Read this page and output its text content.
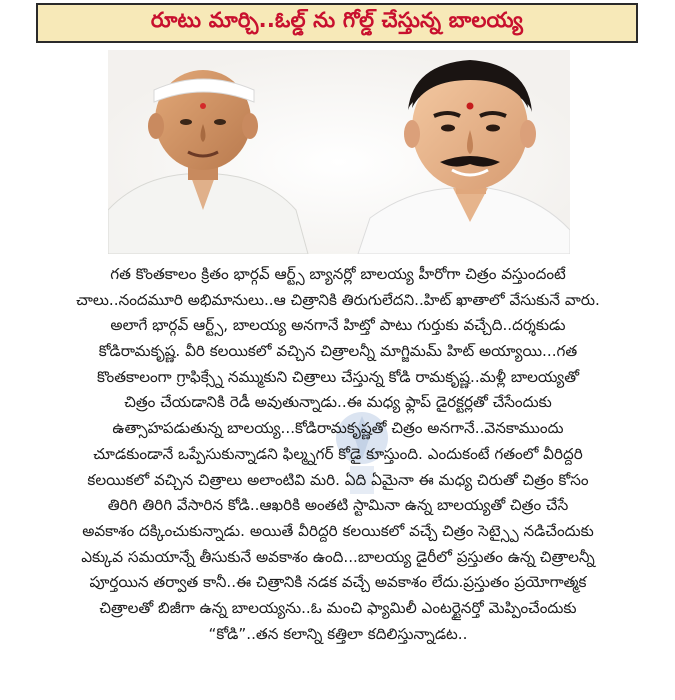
రూటు మార్చి..ఓల్డ్ ను గోల్డ్ చేస్తున్న బాలయ్య
గత కొంతకాలం క్రితం భార్గవ్ ఆర్ట్స్ బ్యానర్లో బాలయ్య హీరోగా చిత్రం వస్తుందంటే
చాలు..నందమూరి అభిమానులు..ఆ చిత్రానికి తిరుగులేదని..హిట్ ఖాతాలో వేసుకునే వారు.
అలాగే భార్గవ్ ఆర్ట్స్, బాలయ్య అనగానే హిట్తో పాటు గుర్తుకు వచ్చేది..దర్శకుడు
కోడిరామకృష్ణ. వీరి కలయికలో వచ్చిన చిత్రాలన్నీ మాగ్జిమమ్ హిట్ అయ్యాయి...గత
కొంతకాలంగా గ్రాఫిక్స్నే నమ్ముకుని చిత్రాలు చేస్తున్న కోడి రామకృష్ణ..మళ్లీ బాలయ్యతో
చిత్రం చేయడానికి రెడీ అవుతున్నాడు..ఈ మధ్య ఫ్లాప్ డైరక్టర్లతో చేసేందుకు
ఉత్సాహపడుతున్న బాలయ్య...కోడిరామకృష్ణతో చిత్రం అనగానే..వెనకాముందు
చూడకుండానే ఒప్పేసుకున్నాడని ఫిల్మ్నగర్ కోడై కూస్తుంది. ఎందుకంటే గతంలో వీరిద్దరి
కలయికలో వచ్చిన చిత్రాలు అలాంటివి మరి. ఏది ఏమైనా ఈ మధ్య చిరుతో చిత్రం కోసం
తిరిగి తిరిగి వేసారిన కోడి..ఆఖరికి అంతటి స్టామినా ఉన్న బాలయ్యతో చిత్రం చేసే
అవకాశం దక్కించుకున్నాడు. అయితే వీరిద్దరి కలయికలో వచ్చే చిత్రం సెట్స్పై నడిచేందుకు
ఎక్కువ సమయాన్నే తీసుకునే అవకాశం ఉంది...బాలయ్య డైరీలో ప్రస్తుతం ఉన్న చిత్రాలన్నీ
పూర్తయిన తర్వాత కానీ..ఈ చిత్రానికి నడక వచ్చే అవకాశం లేదు.ప్రస్తుతం ప్రయోగాత్మక
చిత్రాలతో బిజీగా ఉన్న బాలయ్యను..ఓ మంచి ఫ్యామిలీ ఎంటర్టైనర్తో మెప్పించేందుకు
“కోడి”..తన కలాన్ని కత్తిలా కదిలిస్తున్నాడట..
